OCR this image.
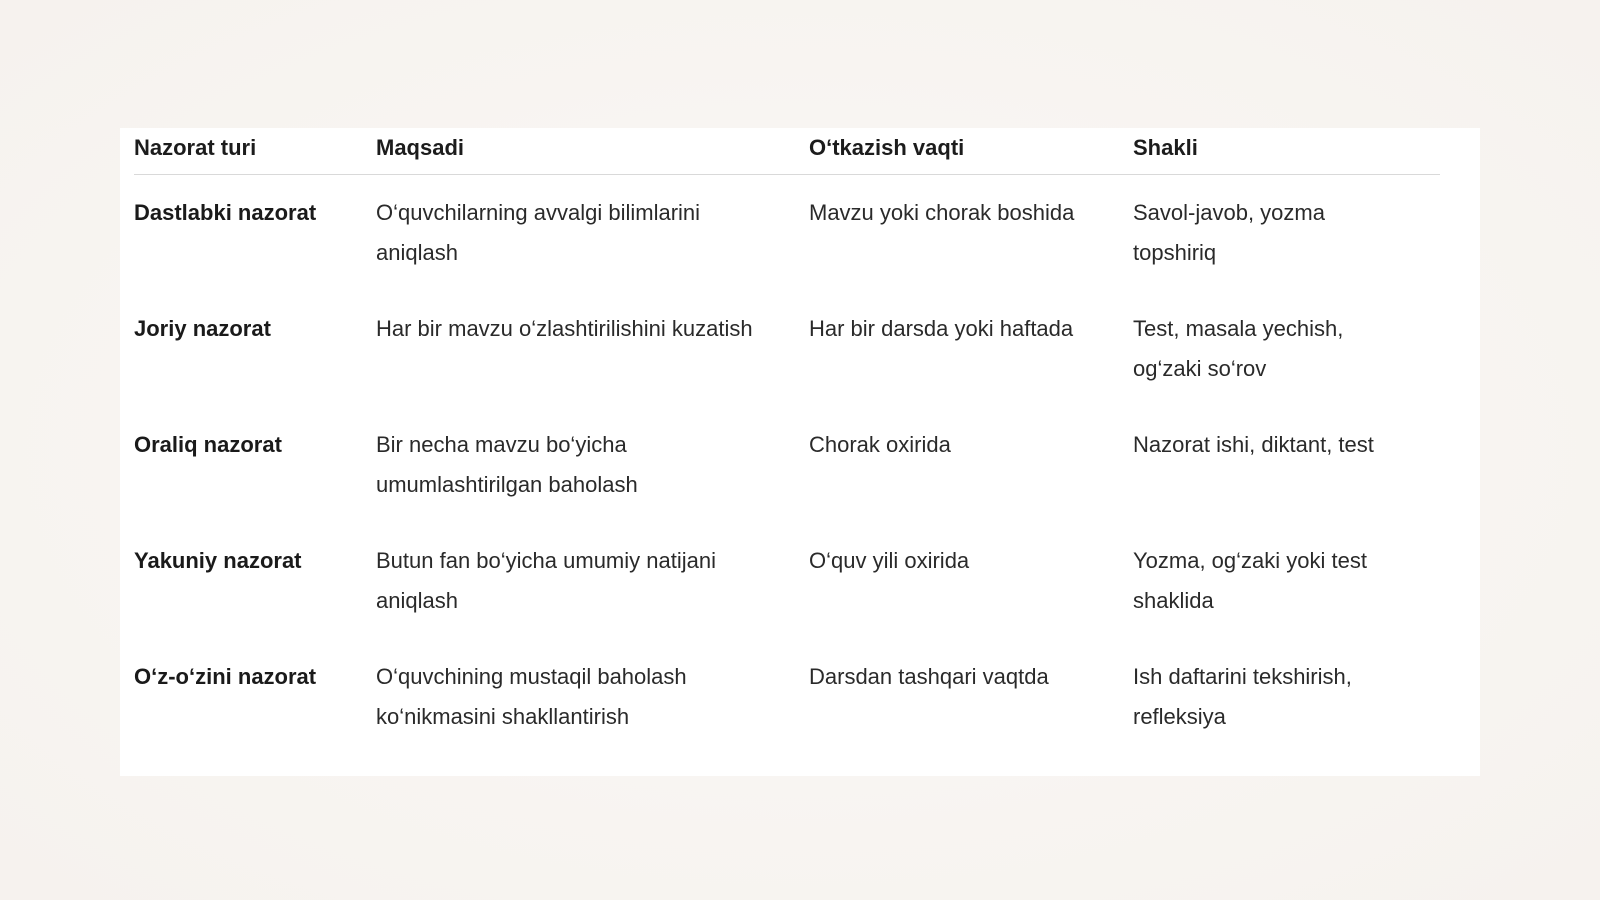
Nazorat turi	Maqsadi	O‘tkazish vaqti	Shakli

Dastlabki nazorat	O‘quvchilarning avvalgi bilimlarini aniqlash	Mavzu yoki chorak boshida	Savol-javob, yozma topshiriq

Joriy nazorat	Har bir mavzu o‘zlashtirilishini kuzatish	Har bir darsda yoki haftada	Test, masala yechish, og‘zaki so‘rov

Oraliq nazorat	Bir necha mavzu bo‘yicha umumlashtirilgan baholash	Chorak oxirida	Nazorat ishi, diktant, test

Yakuniy nazorat	Butun fan bo‘yicha umumiy natijani aniqlash	O‘quv yili oxirida	Yozma, og‘zaki yoki test shaklida

O‘z-o‘zini nazorat	O‘quvchining mustaqil baholash ko‘nikmasini shakllantirish	Darsdan tashqari vaqtda	Ish daftarini tekshirish, refleksiya
